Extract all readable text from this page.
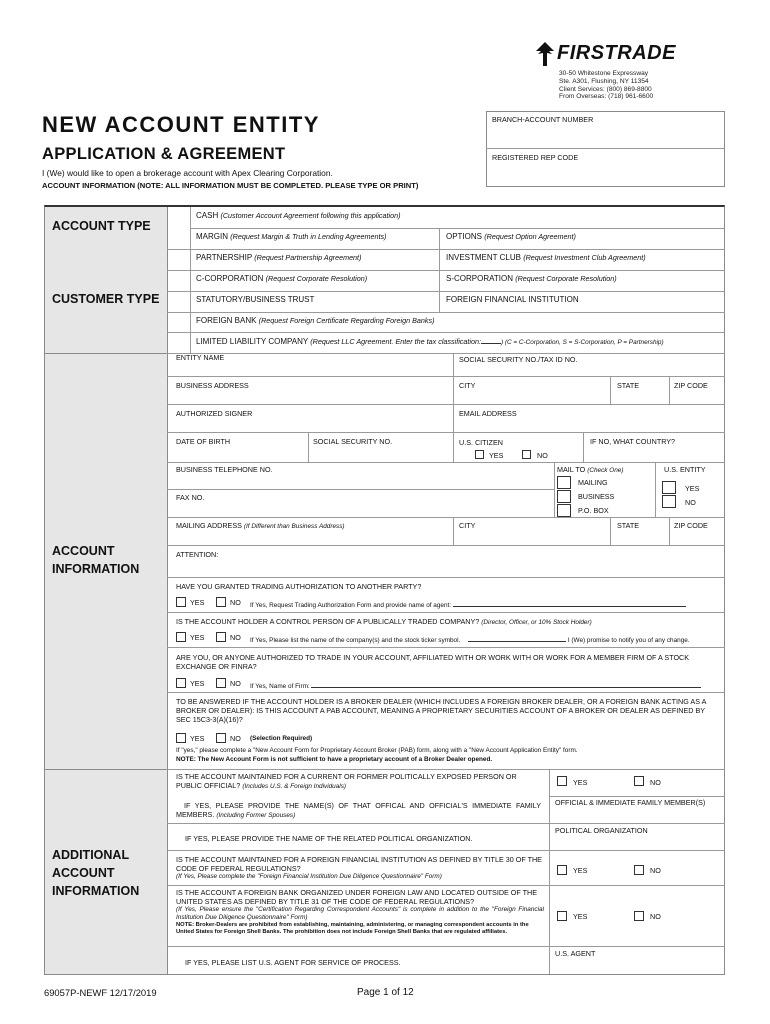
FIRSTRADE
30-50 Whitestone Expressway
Ste. A301, Flushing, NY 11354
Client Services: (800) 869-8800
From Overseas: (718) 961-6600
NEW ACCOUNT ENTITY
APPLICATION & AGREEMENT
I (We) would like to open a brokerage account with Apex Clearing Corporation.
ACCOUNT INFORMATION (NOTE: ALL INFORMATION MUST BE COMPLETED. PLEASE TYPE OR PRINT)
BRANCH-ACCOUNT NUMBER
REGISTERED REP CODE
ACCOUNT TYPE
CUSTOMER TYPE
ACCOUNT
INFORMATION
ADDITIONAL
ACCOUNT
INFORMATION
CASH (Customer Account Agreement following this application)
MARGIN (Request Margin & Truth in Lending Agreements)	OPTIONS (Request Option Agreement)
PARTNERSHIP (Request Partnership Agreement)	INVESTMENT CLUB (Request Investment Club Agreement)
C-CORPORATION (Request Corporate Resolution)	S-CORPORATION (Request Corporate Resolution)
STATUTORY/BUSINESS TRUST	FOREIGN FINANCIAL INSTITUTION
FOREIGN BANK (Request Foreign Certificate Regarding Foreign Banks)
LIMITED LIABILITY COMPANY (Request LLC Agreement. Enter the tax classification:	) (C = C-Corporation, S = S-Corporation, P = Partnership)
ENTITY NAME	SOCIAL SECURITY NO./TAX ID NO.
BUSINESS ADDRESS	CITY	STATE	ZIP CODE
AUTHORIZED SIGNER	EMAIL ADDRESS
DATE OF BIRTH	SOCIAL SECURITY NO.	U.S. CITIZEN
YES	NO
IF NO, WHAT COUNTRY?
BUSINESS TELEPHONE NO.	MAIL TO (Check One)
MAILING
BUSINESS
P.O. BOX
U.S. ENTITY
YES
NO
FAX NO.
MAILING ADDRESS (If Different than Business Address)	CITY	STATE	ZIP CODE
ATTENTION:
HAVE YOU GRANTED TRADING AUTHORIZATION TO ANOTHER PARTY?
YES	NO If Yes, Request Trading Authorization Form and provide name of agent:
IS THE ACCOUNT HOLDER A CONTROL PERSON OF A PUBLICALLY TRADED COMPANY? (Director, Officer, or 10% Stock Holder)
YES	NO If Yes, Please list the name of the company(s) and the stock ticker symbol.	I (We) promise to notify you of any change.
ARE YOU, OR ANYONE AUTHORIZED TO TRADE IN YOUR ACCOUNT, AFFILIATED WITH OR WORK WITH OR WORK FOR A MEMBER FIRM OF A STOCK EXCHANGE OR FINRA?
YES	NO If Yes, Name of Firm:
TO BE ANSWERED IF THE ACCOUNT HOLDER IS A BROKER DEALER (WHICH INCLUDES A FOREIGN BROKER DEALER, OR A FOREIGN BANK ACTING AS A BROKER OR DEALER): IS THIS ACCOUNT A PAB ACCOUNT, MEANING A PROPRIETARY SECURITIES ACCOUNT OF A BROKER OR DEALER AS DEFINED BY SEC 15C3-3(A)(16)?
YES	NO (Selection Required)
If "yes," please complete a "New Account Form for Proprietary Account Broker (PAB) form, along with a "New Account Application Entity" form.
NOTE: The New Account Form is not sufficient to have a proprietary account of a Broker Dealer opened.
IS THE ACCOUNT MAINTAINED FOR A CURRENT OR FORMER POLITICALLY EXPOSED PERSON OR PUBLIC OFFICIAL? (Includes U.S. & Foreign Individuals)	YES	NO
IF YES, PLEASE PROVIDE THE NAME(S) OF THAT OFFICAL AND OFFICIAL'S IMMEDIATE FAMILY MEMBERS. (Including Former Spouses)
OFFICIAL & IMMEDIATE FAMILY MEMBER(S)
IF YES, PLEASE PROVIDE THE NAME OF THE RELATED POLITICAL ORGANIZATION.
POLITICAL ORGANIZATION
IS THE ACCOUNT MAINTAINED FOR A FOREIGN FINANCIAL INSTITUTION AS DEFINED BY TITLE 30 OF THE CODE OF FEDERAL REGULATIONS?
(If Yes, Please complete the "Foreign Financial Institution Due Diligence Questionnaire" Form)
YES	NO
IS THE ACCOUNT A FOREIGN BANK ORGANIZED UNDER FOREIGN LAW AND LOCATED OUTSIDE OF THE UNITED STATES AS DEFINED BY TITLE 31 OF THE CODE OF FEDERAL REGULATIONS?
(If Yes, Please ensure the "Certification Regarding Correspondent Accounts" is complete in addition to the "Foreign Financial Institution Due Diligence Questionnaire" Form)
NOTE: Broker-Dealers are prohibited from establishing, maintaining, administering, or managing correspondent accounts in the United States for Foreign Shell Banks. The prohibition does not include Foreign Shell Banks that are regulated affiliates.
YES	NO
IF YES, PLEASE LIST U.S. AGENT FOR SERVICE OF PROCESS.
U.S. AGENT
69057P-NEWF 12/17/2019	Page 1 of 12
